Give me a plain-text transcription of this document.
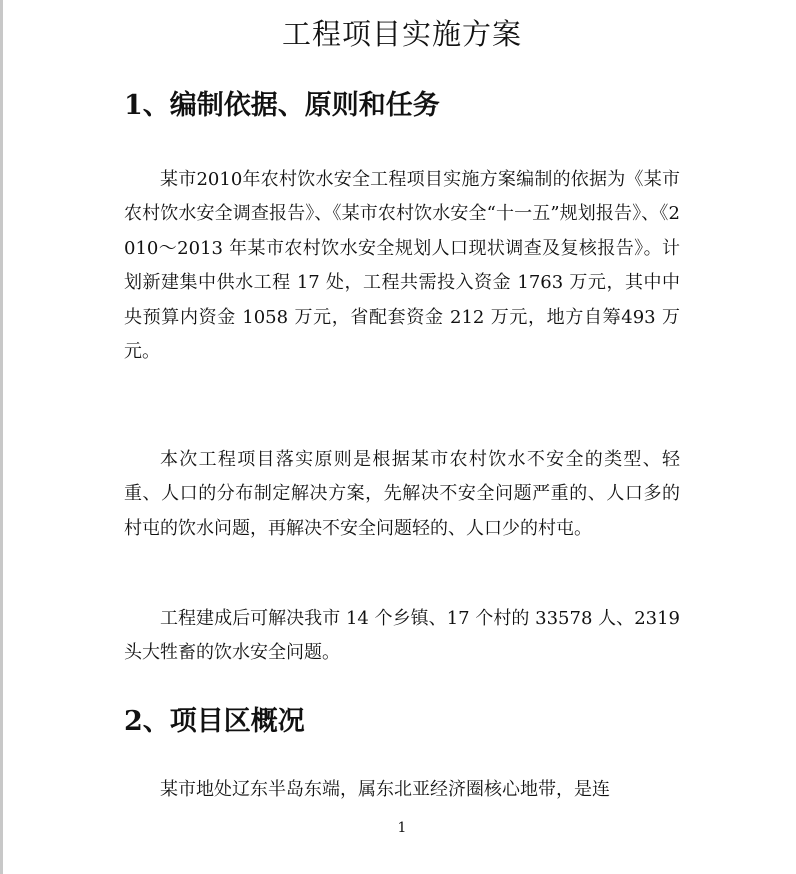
工程项目实施方案
1、编制依据、原则和任务

某市2010年农村饮水安全工程项目实施方案编制的依据为《某市农村饮水安全调查报告》、《某市农村饮水安全“十一五”规划报告》、《2010～2013 年某市农村饮水安全规划人口现状调查及复核报告》。计划新建集中供水工程 17 处，工程共需投入资金 1763 万元，其中中央预算内资金 1058 万元，省配套资金 212 万元，地方自筹493 万元。

本次工程项目落实原则是根据某市农村饮水不安全的类型、轻重、人口的分布制定解决方案，先解决不安全问题严重的、人口多的村屯的饮水问题，再解决不安全问题轻的、人口少的村屯。

工程建成后可解决我市 14 个乡镇、17 个村的 33578 人、2319 头大牲畜的饮水安全问题。

2、项目区概况

某市地处辽东半岛东端，属东北亚经济圈核心地带，是连

1
